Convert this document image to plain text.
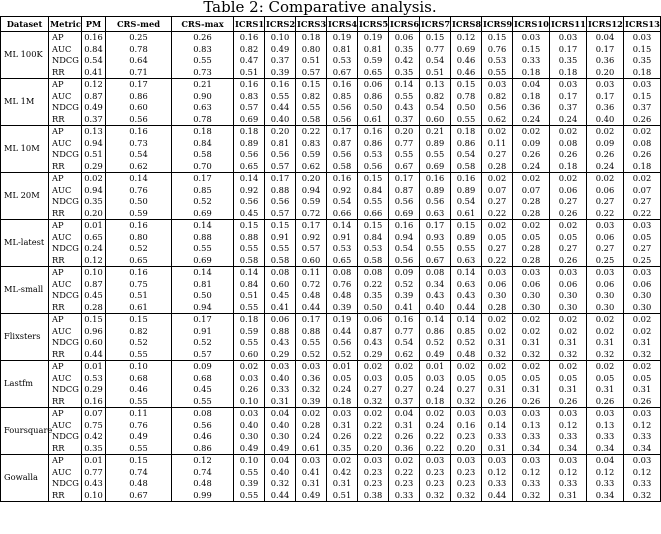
Table 2: Comparative analysis.
Dataset	Metric	PM	CRS-med	CRS-max	ICRS1	ICRS2	ICRS3	ICRS4	ICRS5	ICRS6	ICRS7	ICRS8	ICRS9	ICRS10	ICRS11	ICRS12	ICRS13
ML 100K	AP	0.16	0.25	0.26	0.16	0.10	0.18	0.19	0.19	0.06	0.15	0.12	0.15	0.03	0.03	0.04	0.03
	AUC	0.84	0.78	0.83	0.82	0.49	0.80	0.81	0.81	0.35	0.77	0.69	0.76	0.15	0.17	0.17	0.15
	NDCG	0.54	0.64	0.55	0.47	0.37	0.51	0.53	0.59	0.42	0.54	0.46	0.53	0.33	0.35	0.36	0.35
	RR	0.41	0.71	0.73	0.51	0.39	0.57	0.67	0.65	0.35	0.51	0.46	0.55	0.18	0.18	0.20	0.18
ML 1M	AP	0.12	0.17	0.21	0.16	0.16	0.15	0.16	0.06	0.14	0.13	0.15	0.03	0.04	0.03	0.03	0.03
	AUC	0.87	0.86	0.90	0.83	0.55	0.82	0.85	0.86	0.55	0.82	0.78	0.82	0.18	0.17	0.17	0.15
	NDCG	0.49	0.60	0.63	0.57	0.44	0.55	0.56	0.50	0.43	0.54	0.50	0.56	0.36	0.37	0.36	0.37
	RR	0.37	0.56	0.78	0.69	0.40	0.58	0.56	0.61	0.37	0.60	0.55	0.62	0.24	0.24	0.40	0.26
ML 10M	AP	0.13	0.16	0.18	0.18	0.20	0.22	0.17	0.16	0.20	0.21	0.18	0.02	0.02	0.02	0.02	0.02
	AUC	0.94	0.73	0.84	0.89	0.81	0.83	0.87	0.86	0.77	0.89	0.86	0.11	0.09	0.08	0.09	0.08
	NDCG	0.51	0.54	0.58	0.56	0.56	0.59	0.56	0.53	0.55	0.55	0.54	0.27	0.26	0.26	0.26	0.26
	RR	0.29	0.62	0.70	0.65	0.57	0.62	0.58	0.56	0.67	0.69	0.58	0.28	0.24	0.18	0.24	0.18
ML 20M	AP	0.02	0.14	0.17	0.14	0.17	0.20	0.16	0.15	0.17	0.16	0.16	0.02	0.02	0.02	0.02	0.02
	AUC	0.94	0.76	0.85	0.92	0.88	0.94	0.92	0.84	0.87	0.89	0.89	0.07	0.07	0.06	0.06	0.07
	NDCG	0.35	0.50	0.52	0.56	0.56	0.59	0.54	0.55	0.56	0.56	0.54	0.27	0.28	0.27	0.27	0.27
	RR	0.20	0.59	0.69	0.45	0.57	0.72	0.66	0.66	0.69	0.63	0.61	0.22	0.28	0.26	0.22	0.22
ML-latest	AP	0.01	0.16	0.14	0.15	0.15	0.17	0.14	0.15	0.16	0.17	0.15	0.02	0.02	0.02	0.03	0.03
	AUC	0.65	0.80	0.88	0.88	0.91	0.92	0.91	0.84	0.94	0.93	0.89	0.05	0.05	0.05	0.06	0.05
	NDCG	0.24	0.52	0.55	0.55	0.55	0.57	0.53	0.53	0.54	0.55	0.55	0.27	0.28	0.27	0.27	0.27
	RR	0.12	0.65	0.69	0.58	0.58	0.60	0.65	0.58	0.56	0.67	0.63	0.22	0.28	0.26	0.25	0.25
ML-small	AP	0.10	0.16	0.14	0.14	0.08	0.11	0.08	0.08	0.09	0.08	0.14	0.03	0.03	0.03	0.03	0.03
	AUC	0.87	0.75	0.81	0.84	0.60	0.72	0.76	0.22	0.52	0.34	0.63	0.06	0.06	0.06	0.06	0.06
	NDCG	0.45	0.51	0.50	0.51	0.45	0.48	0.48	0.35	0.39	0.43	0.43	0.30	0.30	0.30	0.30	0.30
	RR	0.28	0.61	0.94	0.55	0.41	0.44	0.39	0.50	0.41	0.40	0.44	0.28	0.30	0.30	0.30	0.30
Flixsters	AP	0.15	0.15	0.17	0.18	0.06	0.17	0.19	0.06	0.16	0.14	0.14	0.02	0.02	0.02	0.02	0.02
	AUC	0.96	0.82	0.91	0.59	0.88	0.88	0.44	0.87	0.77	0.86	0.85	0.02	0.02	0.02	0.02	0.02
	NDCG	0.60	0.52	0.52	0.55	0.43	0.55	0.56	0.43	0.54	0.52	0.52	0.31	0.31	0.31	0.31	0.31
	RR	0.44	0.55	0.57	0.60	0.29	0.52	0.52	0.29	0.62	0.49	0.48	0.32	0.32	0.32	0.32	0.32
Lastfm	AP	0.01	0.10	0.09	0.02	0.03	0.03	0.01	0.02	0.02	0.01	0.02	0.02	0.02	0.02	0.02	0.02
	AUC	0.53	0.68	0.68	0.03	0.40	0.36	0.05	0.03	0.05	0.03	0.05	0.05	0.05	0.05	0.05	0.05
	NDCG	0.29	0.46	0.45	0.26	0.33	0.32	0.24	0.27	0.27	0.24	0.27	0.31	0.31	0.31	0.31	0.31
	RR	0.16	0.55	0.55	0.10	0.31	0.39	0.18	0.32	0.37	0.18	0.32	0.26	0.26	0.26	0.26	0.26
Foursquare	AP	0.07	0.11	0.08	0.03	0.04	0.02	0.03	0.02	0.04	0.02	0.03	0.03	0.03	0.03	0.03	0.03
	AUC	0.75	0.76	0.56	0.40	0.40	0.28	0.31	0.22	0.31	0.24	0.16	0.14	0.13	0.12	0.13	0.12
	NDCG	0.42	0.49	0.46	0.30	0.30	0.24	0.26	0.22	0.26	0.22	0.23	0.33	0.33	0.33	0.33	0.33
	RR	0.35	0.55	0.86	0.49	0.49	0.61	0.35	0.20	0.36	0.22	0.20	0.31	0.34	0.34	0.34	0.34
Gowalla	AP	0.01	0.15	0.12	0.10	0.04	0.03	0.02	0.03	0.02	0.03	0.03	0.03	0.03	0.03	0.04	0.03
	AUC	0.77	0.74	0.74	0.55	0.40	0.41	0.42	0.23	0.22	0.23	0.23	0.12	0.12	0.12	0.12	0.12
	NDCG	0.43	0.48	0.48	0.39	0.32	0.31	0.31	0.23	0.23	0.23	0.23	0.33	0.33	0.33	0.33	0.33
	RR	0.10	0.67	0.99	0.55	0.44	0.49	0.51	0.38	0.33	0.32	0.32	0.44	0.32	0.31	0.34	0.32
